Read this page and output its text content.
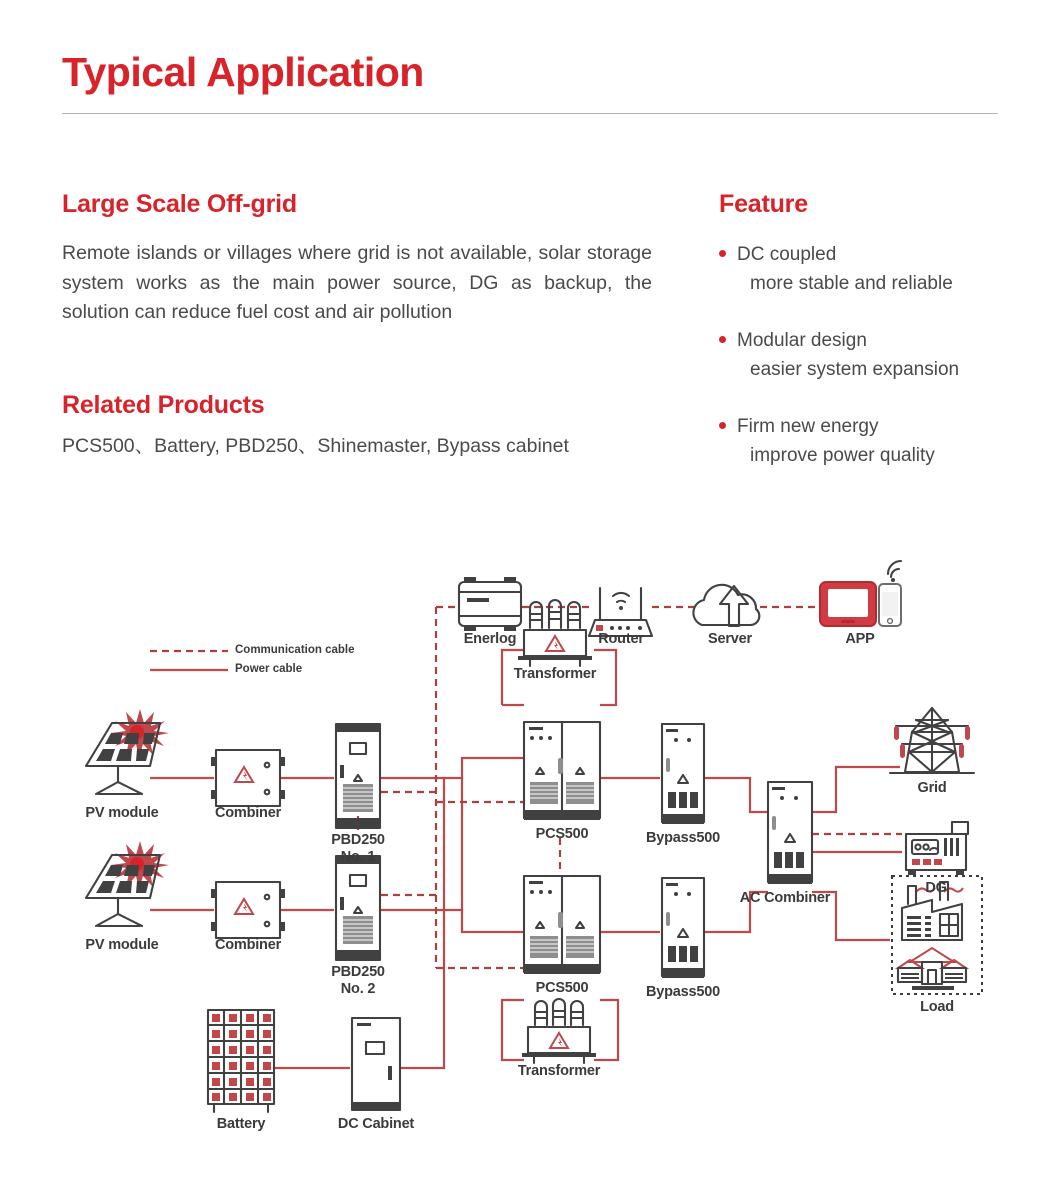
Typical Application
Large Scale Off-grid
Remote islands or villages where grid is not available, solar storage system works as the main power source, DG as backup, the solution can reduce fuel cost and air pollution
Related Products
PCS500、Battery, PBD250、Shinemaster, Bypass cabinet
Feature
DC coupled
more stable and reliable
Modular design
easier system expansion
Firm new energy
improve power quality
Communication cable
Power cable
Enerlog	Router	Server	APP
Transformer
Transformer
PV module
PV module
Combiner
Combiner
PBD250
No. 1
PBD250
No. 2
PCS500
PCS500
Bypass500
Bypass500
AC Combiner
Grid
DG
Load
Battery	DC Cabinet
